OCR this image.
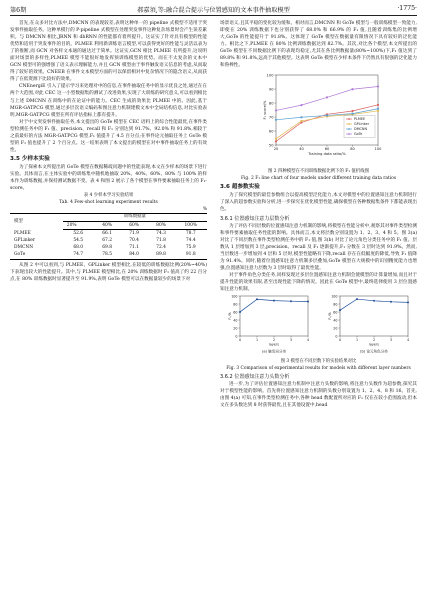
第6期	郝嘉須,等:融合混合提示与位置感知的文本事件抽取模型	·1775·

首先,在众多对比方法中,DMCNN 的表现较差,表明这种单一的 pipeline 式模型不适用于突发事件抽取任务。这种单模行的 P-pipeline 式模型在处理突发事件这种复杂场景时会产生误差累积。与 DMCNN 相比,JRNN 和 dbRNN 的性能都有着所提升。这证实了针对具有模型的性能优势和适用于突发事件的目的。PLMEE 利用新训练语言模型,可以获得更好的性能与灵活以表为了的推断,而 GCN 对各样文本通的通达过于简单。这证实,GCN 相比 PLMEE 有所提升,这说明面对场景的多样性,PLMEE 模型不能很好地发挥预训练模型的优势。而在不太复杂的文本中 GCN 模型可的强增强了语义表示理解能力,并且 GCN 模型由于事件触发语义信息的考虑,从而取得了较好的效果。CNEEB 在事件文本模型方面的可以保留相对中复杂情况下的隐含语义,从而获得了在低资源下比较好的效果。

CNEnergiE 引入了提示学习来处理对中的信息,在事件抽取任务中的显示优良之处,通过在在两个大范围,对此 CEC 这一小型数据集的测试了改进效果,实现了大训练的研究意义,可以看到相比与上述 DMCNN 在训练中的在论证中的能力。CEC 生成的效果比 PLMEE 中的。因此,基于 MGR-GATPCG 模型,通过多层次语义编码和图注意力机制建模文本中全局结构信息,对比实验表明,MGR-GATPCG 模型在所有评估指标上都有提升。

对于中文突发事件抽取任务,本文提出的 GoTe 模型在 CEC 语料上的综合性能最优,在事件类型检测任务中的 F₁ 值、precision、recall 和 F₁ 分别达到 91.7%、92.0% 和 91.8%,相较于之前最好的方法 MGR-GATPCG 模型,F₁ 值提升了 4.5 百分点;在事件论元抽取任务上 GoTe 模型的 F₁ 值也提升了 2 个百分点。这一结果表明了本文提出的模型在对中事件抽取任务上的有效性。

3.5 少样本实验

为了探索本文所提出的 GoTe 模型在数据稀疏问题中的性能表现,本文在少样本的场景下进行实验。具体而言,在主体实验中的训练集中随机地抽取 20%、40%、60%、80% 与 100% 的样本作为训练数据,并保持测试数据不变。表 4 和图 2 展示了各个模型在事件要素抽取任务上的 F₁-score。

表 4 少样本学习实验结果
Tab. 4 Few-shot learning experiment results
%
模型	训练数据量				
	20%	40%	60%	80%	100%
PLMEE	52.6	66.1	71.9	74.3	78.7
GPLinker	54.5	67.2	70.4	71.8	74.4
DMCNN	68.0	69.8	71.1	72.4	75.9
GoTe	74.7	78.5	84.0	89.8	91.8

从图 2 中可以看到,与 PLMEE、GPLinker 模型相比,在较低的训练数据比例(20%~40%)下表现出较大的性能提升。其中,与 PLMEE 模型相比,在 20% 训练数据时 F₁ 值高了约 22 百分点,在 80% 训练数据时显著提升至 91.9%,表明 GoTe 模型可以在数据量较少的场景下对

场景语义,且其平稳的变化较为缓和。相对而言,DMCNN 和 GoTe 模型与一般训练模型一致能力,即使在 20% 训练数据下也分别获得了 68.0% 和 66.9% 的 F₁ 值,且随着训练集的比例增大,GoTe 的性能提升于 91.8%。这体现了 GoTe 模型在数据量有限情况下具有较好的泛化能力。相比之下,PLMEE 在 80% 比例训练数据达到 82.7%。其次,对比各个模型,本文所提出的 GoTe 模型在不同数据比例下的表现均稳定,尤其在各比例数据量(80%~100%)下,F₁ 值达到了 89.8% 和 91.8%,远高于其他模型。这表明 GoTe 模型在少样本条件下仍然具有很强的泛化能力和鲁棒性。

50
60
70
80
90
100
20	40	60	80	100
Training data ratio/%
F₁ score/%	PLMEE
GPLinker
DMCNN
GoTe
图 2 四种模型在不同训练数据比例下的 F₁ 值折线图
Fig. 2 F₁ line chart of four models under different training data ratios
3.6 超参数实验

为了探究模型的最佳参数组合以提高模型泛化能力,本文对模型中的位置感知注意力机制进行了深入的超参数实验和分析,进一步探究在优化模型性能,确保模型在各种数据集条件下都能表现出色。

3.6.1 位置感知注意力层数分析

为了评估不同层数的位置感知注意力机制的影响,将模型在性能分析中,观察其对事件类型检测和事件要素抽取任务性能的影响。具体而言,本文将层数分别设置为 1、2、3、4 和 5。图 3(a) 对比了不同层数在事件类型检测任务中的 F₁ 值,图 3(b) 对比了论元角色分类任务中的 F₁ 值。层数从 1 层增加到 3 层,precision、recall 及 F₁ 逐渐提升,F₁ 分数在 3 层时达到 91.9%。然而,当层数进一步增加到 4 层和 5 层时,模型性能略有下降,recall 存在在低幅度的降低,导致 F₁ 值降为 91.4%。同时,随着位置感知注意力机制多层叠加,GoTe 模型在大规模中的识别精度能力也增强,位置感知注意力层数为 3 层时取得了最优性能。

对于事件角色分类任务,同样发现过多层位置感知注意力机制会使模型的计算量增加,而且对于提升性能的效果有限,甚至出现性能下降的情况。因此在 GoTe 模型中,最终选择使用 3 层位置感知注意力机制。

0
20
40
60
80
100
0	1	2	3	4
layers
F₁/%
0
20
40
60
80
100
0	1	2	3	4
layers
F₁/%
(a) 触发词分类	(b) 论元角色分类
图 3 模型在不同层数下的实验结果对比
Fig. 3 Comparison of experimental results for models with different layer numbers
3.6.2 位置感知注意力头数分析

进一步,为了评估位置感知注意力机制中注意力头数的影响,将注意力头数作为超参数,探究其对于模型性能的影响。首先将位置感知注意力机制的头数分别设置为 1、2、4、8 和 16。首先,由图 4(a) 可知,在事件类型检测任务中,各种 head 数配置所对应的 F₁ 仅在在较小范围波动,但本文在多头数达到 8 时获得最优,且在其他设置中,head
